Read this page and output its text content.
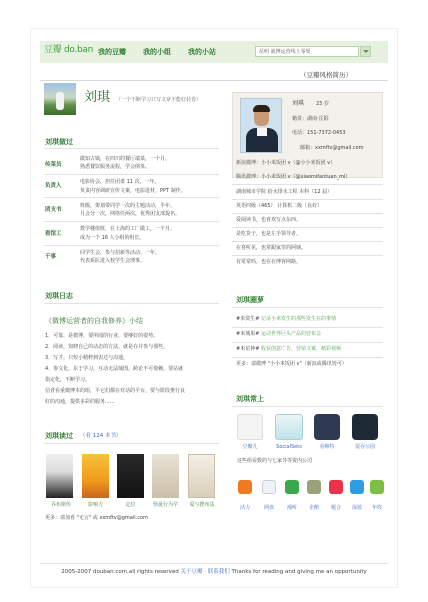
豆瓣 do.ban 我的豆瓣 我的小组 我的小站	昆明 就博运营线上零渠
（豆瓣风格简历）
刘琪 （一个不断学习只写文章不能好装卷）
刘琪做过
传菜员
做知古镇，在四川的餐厅端菜，一个月。
熟悉餐饮服务流程，学会倒茶。
负责人
电影协会，担任团委 11 次，一年。
负责内容调研宣传文案，电影选材，PPT 制作。
团支书
班级，策划带同学一次的主题活动，半年。
月会分一次，网络任两次，优秀团支部提名。
看馆工
教学楼值班，在上海的工厂做工，一个月。
成为一个 16 人小组的组长。
干事
同学生会，参与招新等活动、一年。
代表系队进入校学生会理事。
刘琪 23 岁
籍贯：湖南·岳阳
电话：151-7372-0453
邮箱：xxmftv@gmail.com
新浪微博：小小米饭团 v（@小小米饭团 v）
腾讯微博：小小米饭团 v（@xiaomifantuan_ml）
湖南城市学院 给水排水工程 本科（12 届）
英语四级（465） 计算机二级（良好）
爱阅读书，也喜欢写点东西。
是吃货子，也是左手领导者。
在喜听见，也常跟家里的阿姨。
有常常吗，也在在博客网路。
刘琪日志
《微博运营者的自我修养》小结
1．可靠，是微博，要所闻的行业，要够好的姿势。
2．阅读，知晓自己的动态的方法，就是在并参与那些。
3．写才，只短小精粹到表达与沟通。
4．参文化，东于学习，互动无法域图，跨论不可倚赖，要站就
指定化，不断学习。
信者看重微博本的组，平它们都在对话的平台，要与阶段推行良
好的沟通，提供多彩的服务......
刘琪读过 （看 124 本书）
乔布斯传	影响力	定位	怪诞行为学	爱与摆布法
更多：请加喜 "无言" 或 xxmftv@gmail.com
刘琪圈萝
#米资生# 记录小米发生的那些发生在的事情
#米城果# 运动世界巨头产品的营布会
#米星神# 收获创意广告，营销文案，精彩视频
更多：请微博 "小小米饭团 v"（新浪或腾讯皆可）
刘琪常上
豆瓣儿	SocialSets	看咻特	很吞公园
这些组看数的与七家导等资内公司
活力	网盘	漫听	企鹅	题合	深蓝	年终
2005-2007 douban.com,all rights reserved 关于豆瓣 · 联系我们 Thanks for reading and giving me an opportunity
